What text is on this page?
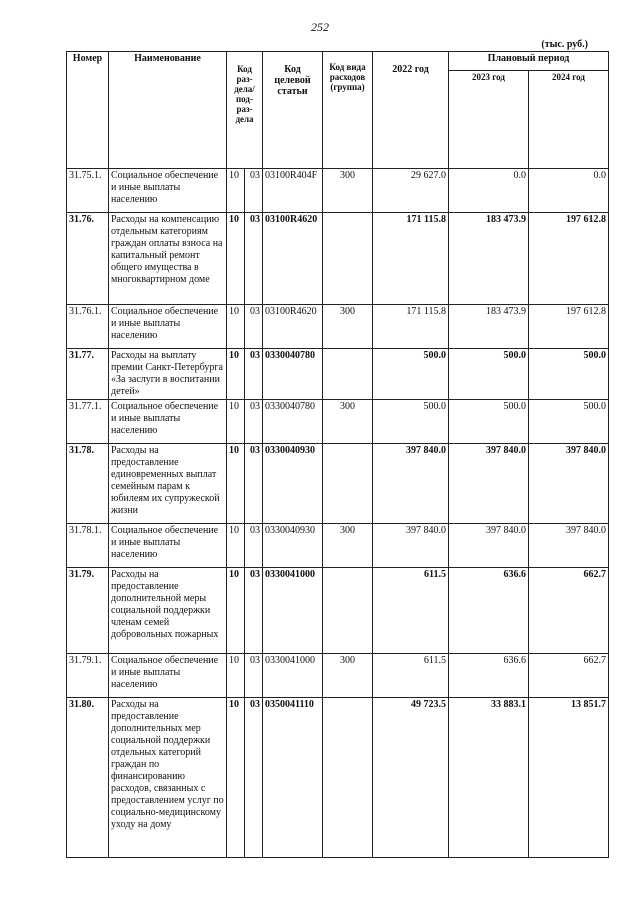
252
(тыс. руб.)
Номер	Наименование	Код раз-дела/ под-раз-дела		Код целевой статьи	Код вида расходов (группа)	2022 год	Плановый период	
							2023 год	2024 год
31.75.1.	Социальное обеспечение и иные выплаты населению	10	03	03100R404F	300	29 627.0	0.0	0.0
31.76.	Расходы на компенсацию отдельным категориям граждан оплаты взноса на капитальный ремонт общего имущества в многоквартирном доме	10	03	03100R4620		171 115.8	183 473.9	197 612.8
31.76.1.	Социальное обеспечение и иные выплаты населению	10	03	03100R4620	300	171 115.8	183 473.9	197 612.8
31.77.	Расходы на выплату премии Санкт-Петербурга «За заслуги в воспитании детей»	10	03	0330040780		500.0	500.0	500.0
31.77.1.	Социальное обеспечение и иные выплаты населению	10	03	0330040780	300	500.0	500.0	500.0
31.78.	Расходы на предоставление единовременных выплат семейным парам к юбилеям их супружеской жизни	10	03	0330040930		397 840.0	397 840.0	397 840.0
31.78.1.	Социальное обеспечение и иные выплаты населению	10	03	0330040930	300	397 840.0	397 840.0	397 840.0
31.79.	Расходы на предоставление дополнительной меры социальной поддержки членам семей добровольных пожарных	10	03	0330041000		611.5	636.6	662.7
31.79.1.	Социальное обеспечение и иные выплаты населению	10	03	0330041000	300	611.5	636.6	662.7
31.80.	Расходы на предоставление дополнительных мер социальной поддержки отдельных категорий граждан по финансированию расходов, связанных с предоставлением услуг по социально-медицинскому уходу на дому	10	03	0350041110		49 723.5	33 883.1	13 851.7
